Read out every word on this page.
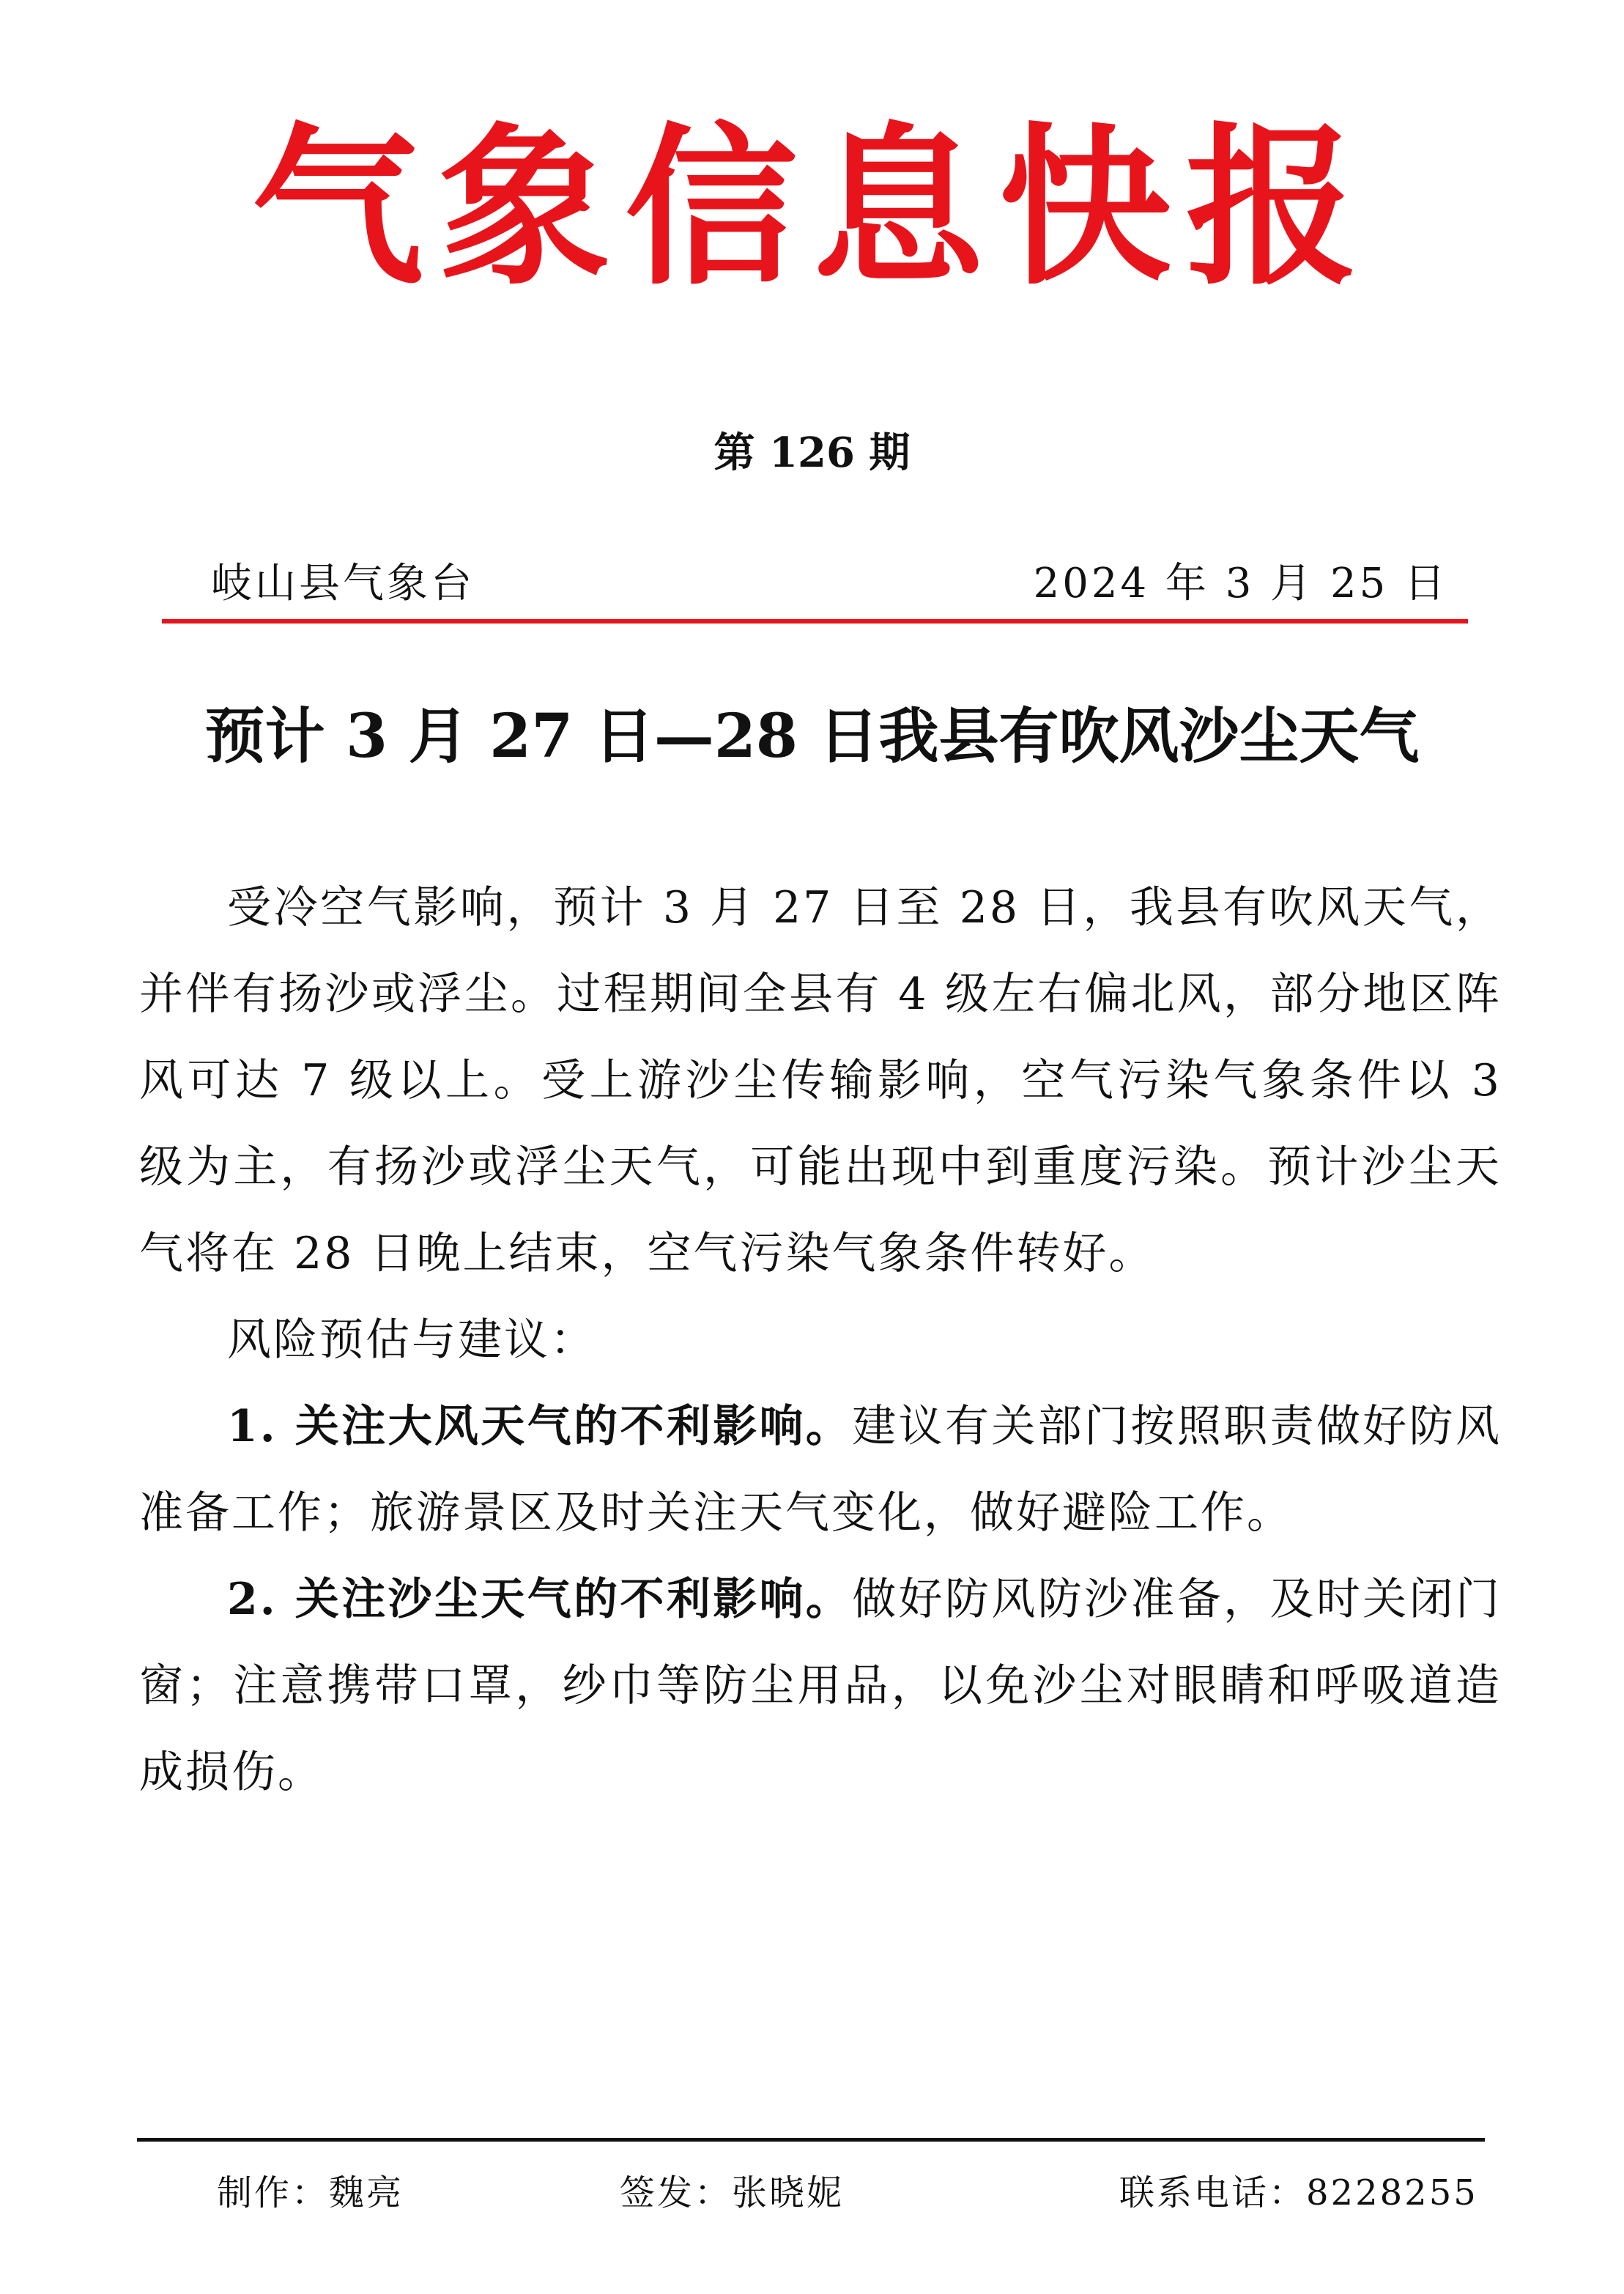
气象信息快报
第 126 期
岐山县气象台	2024 年 3 月 25 日
预计 3 月 27 日—28 日我县有吹风沙尘天气

受冷空气影响，预计 3 月 27 日至 28 日，我县有吹风天气，并伴有扬沙或浮尘。过程期间全县有 4 级左右偏北风，部分地区阵风可达 7 级以上。受上游沙尘传输影响，空气污染气象条件以 3 级为主，有扬沙或浮尘天气，可能出现中到重度污染。预计沙尘天气将在 28 日晚上结束，空气污染气象条件转好。

风险预估与建议：

1. 关注大风天气的不利影响。建议有关部门按照职责做好防风准备工作；旅游景区及时关注天气变化，做好避险工作。

2. 关注沙尘天气的不利影响。做好防风防沙准备，及时关闭门窗；注意携带口罩，纱巾等防尘用品，以免沙尘对眼睛和呼吸道造成损伤。

制作：魏亮	签发：张晓妮	联系电话：8228255
